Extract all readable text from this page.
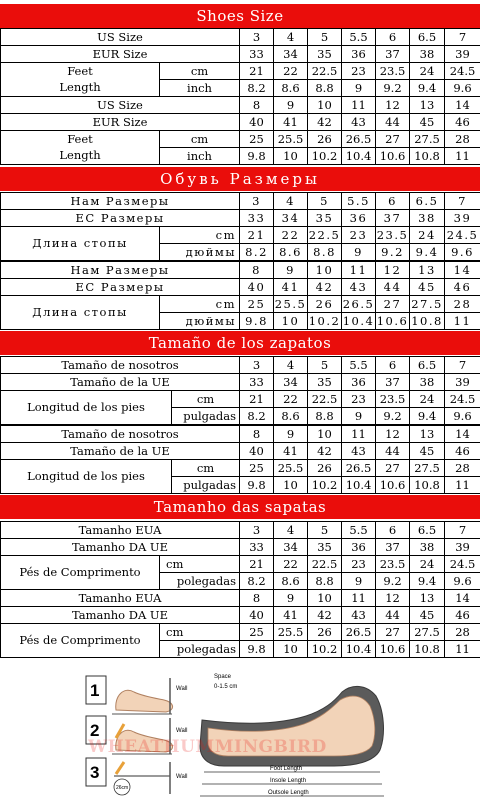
Shoes Size
US Size		3	4	5	5.5	6	6.5	7
EUR Size		33	34	35	36	37	38	39
Feet	cm	21	22	22.5	23	23.5	24	24.5
Length	inch	8.2	8.6	8.8	9	9.2	9.4	9.6
US Size		8	9	10	11	12	13	14
EUR Size		40	41	42	43	44	45	46
Feet	cm	25	25.5	26	26.5	27	27.5	28
Length	inch	9.8	10	10.2	10.4	10.6	10.8	11
Обувь Размеры
Нам Размеры		3	4	5	5.5	6	6.5	7
ЕС Размеры		33	34	35	36	37	38	39
Длина стопы	cm	21	22	22.5	23	23.5	24	24.5
	дюймы	8.2	8.6	8.8	9	9.2	9.4	9.6
Нам Размеры		8	9	10	11	12	13	14
ЕС Размеры		40	41	42	43	44	45	46
Длина стопы	cm	25	25.5	26	26.5	27	27.5	28
	дюймы	9.8	10	10.2	10.4	10.6	10.8	11
Tamaño de los zapatos
Tamaño de nosotros		3	4	5	5.5	6	6.5	7
Tamaño de la UE		33	34	35	36	37	38	39
Longitud de los pies	cm	21	22	22.5	23	23.5	24	24.5
	pulgadas	8.2	8.6	8.8	9	9.2	9.4	9.6
Tamaño de nosotros		8	9	10	11	12	13	14
Tamaño de la UE		40	41	42	43	44	45	46
Longitud de los pies	cm	25	25.5	26	26.5	27	27.5	28
	pulgadas	9.8	10	10.2	10.4	10.6	10.8	11
Tamanho das sapatas
Tamanho EUA		3	4	5	5.5	6	6.5	7
Tamanho DA UE		33	34	35	36	37	38	39
Pés de Comprimento	cm	21	22	22.5	23	23.5	24	24.5
	polegadas	8.2	8.6	8.8	9	9.2	9.4	9.6
Tamanho EUA		8	9	10	11	12	13	14
Tamanho DA UE		40	41	42	43	44	45	46
Pés de Comprimento	cm	25	25.5	26	26.5	27	27.5	28
	polegadas	9.8	10	10.2	10.4	10.6	10.8	11
1	Wall
2	Wall
3
26cm
Wall
Space
0-1.5 cm
Foot Length
Insole Length
Outsole Length
WHEATHUMMINGBIRD
